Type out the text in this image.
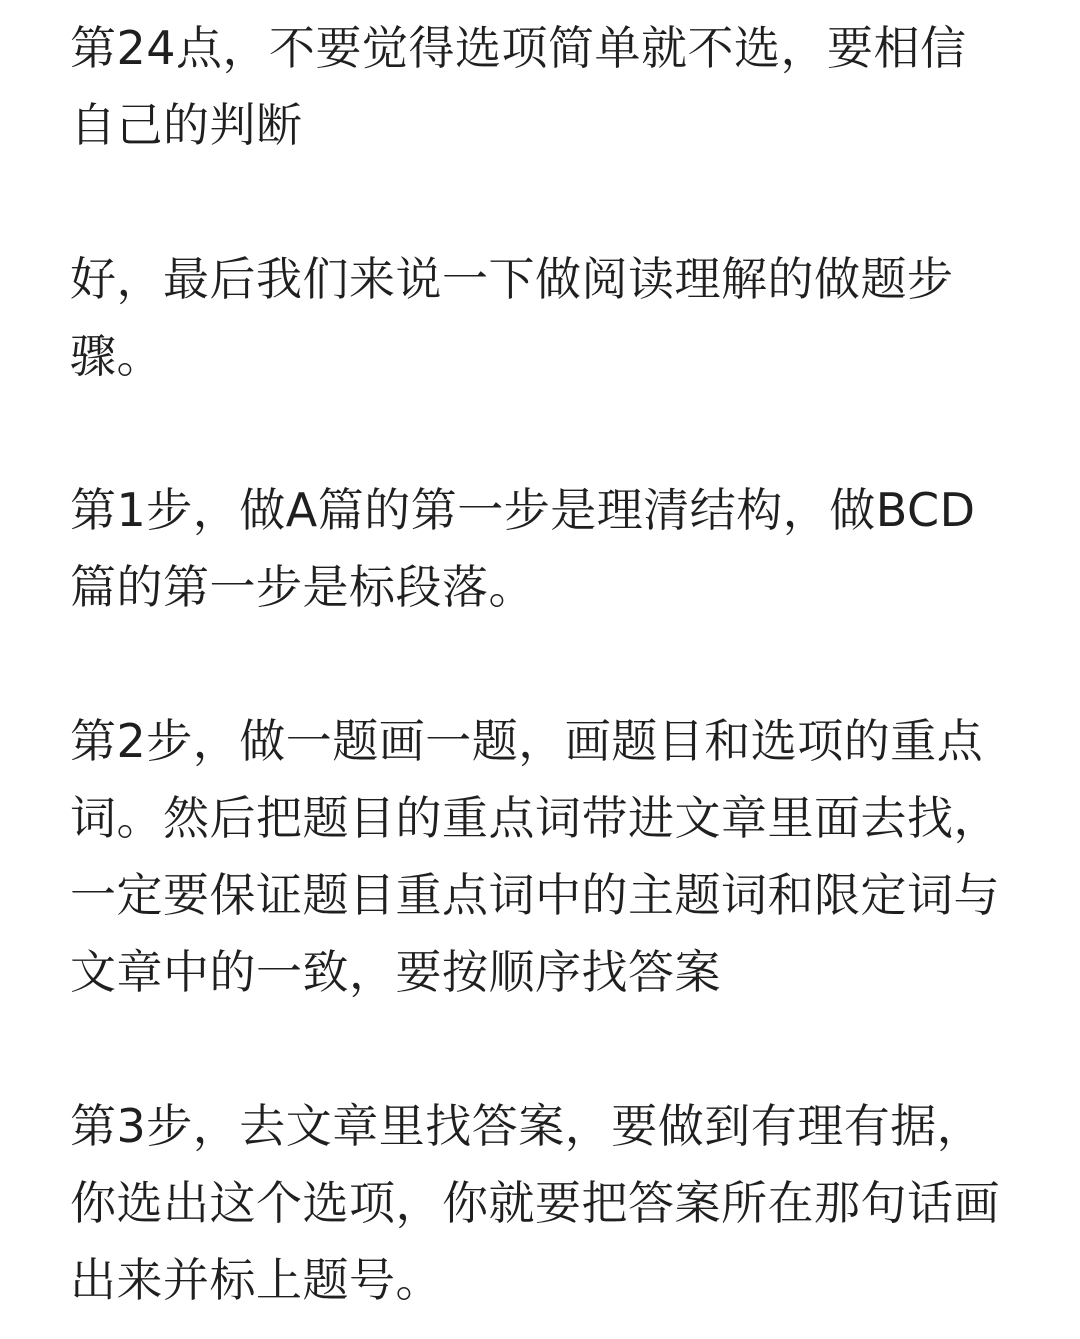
第24点，不要觉得选项简单就不选，要相信自己的判断

好，最后我们来说一下做阅读理解的做题步骤。

第1步，做A篇的第一步是理清结构，做BCD篇的第一步是标段落。

第2步，做一题画一题，画题目和选项的重点词。然后把题目的重点词带进文章里面去找，一定要保证题目重点词中的主题词和限定词与文章中的一致，要按顺序找答案

第3步，去文章里找答案，要做到有理有据，你选出这个选项，你就要把答案所在那句话画出来并标上题号。
